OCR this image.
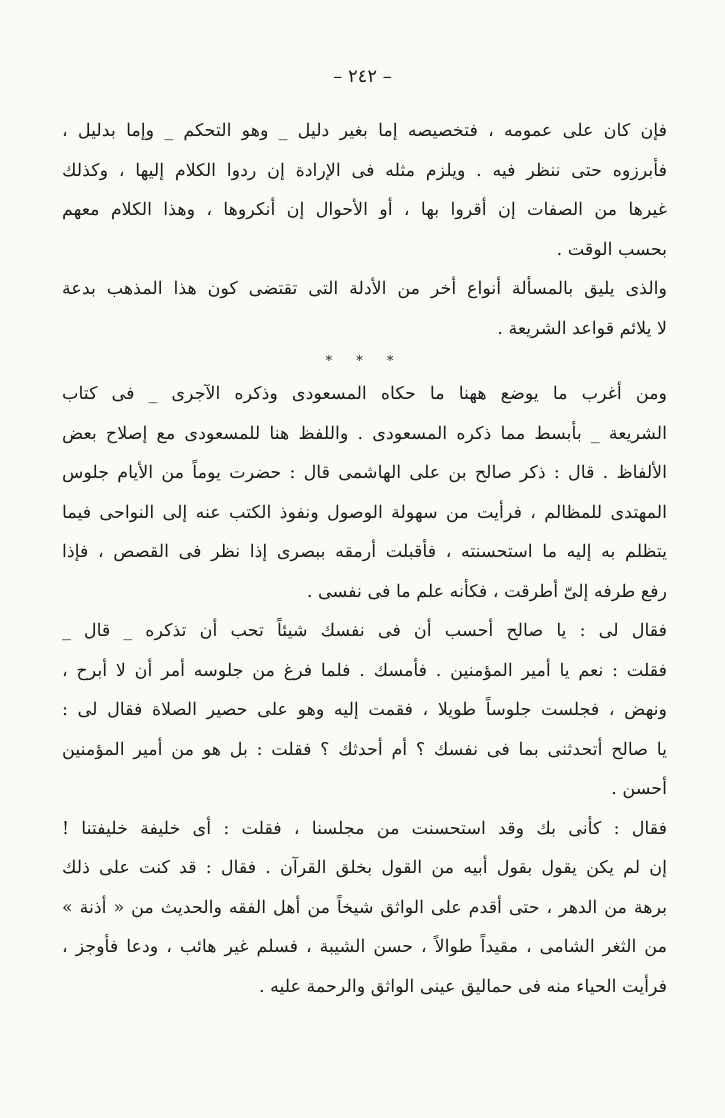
– ٢٤٢ –
فإن كان على عمومه ، فتخصيصه إما بغير دليل _ وهو التحكم _ وإما بدليل ،
فأبرزوه حتى ننظر فيه . ويلزم مثله فى الإرادة إن ردوا الكلام إليها ، وكذلك
غيرها من الصفات إن أقروا بها ، أو الأحوال إن أنكروها ، وهذا الكلام معهم
بحسب الوقت .
والذى يليق بالمسألة أنواع أخر من الأدلة التى تقتضى كون هذا المذهب بدعة
لا يلائم قواعد الشريعة .
* * *
ومن أغرب ما يوضع ههنا ما حكاه المسعودى وذكره الآجرى _ فى كتاب
الشريعة _ بأبسط مما ذكره المسعودى . واللفظ هنا للمسعودى مع إصلاح بعض
الألفاظ . قال : ذكر صالح بن على الهاشمى قال : حضرت يوماً من الأيام جلوس
المهتدى للمظالم ، فرأيت من سهولة الوصول ونفوذ الكتب عنه إلى النواحى فيما
يتظلم به إليه ما استحسنته ، فأقبلت أرمقه ببصرى إذا نظر فى القصص ، فإذا
رفع طرفه إلىّ أطرقت ، فكأنه علم ما فى نفسى .
فقال لى : يا صالح أحسب أن فى نفسك شيئاً تحب أن تذكره _ قال _
فقلت : نعم يا أمير المؤمنين . فأمسك . فلما فرغ من جلوسه أمر أن لا أبرح ،
ونهض ، فجلست جلوساً طويلا ، فقمت إليه وهو على حصير الصلاة فقال لى :
يا صالح أتحدثنى بما فى نفسك ؟ أم أحدثك ؟ فقلت : بل هو من أمير المؤمنين
أحسن .
فقال : كأنى بك وقد استحسنت من مجلسنا ، فقلت : أى خليفة خليفتنا !
إن لم يكن يقول بقول أبيه من القول بخلق القرآن . فقال : قد كنت على ذلك
برهة من الدهر ، حتى أقدم على الواثق شيخاً من أهل الفقه والحديث من « أذنة »
من الثغر الشامى ، مقيداً طوالاً ، حسن الشيبة ، فسلم غير هائب ، ودعا فأوجز ،
فرأيت الحياء منه فى حماليق عينى الواثق والرحمة عليه .
